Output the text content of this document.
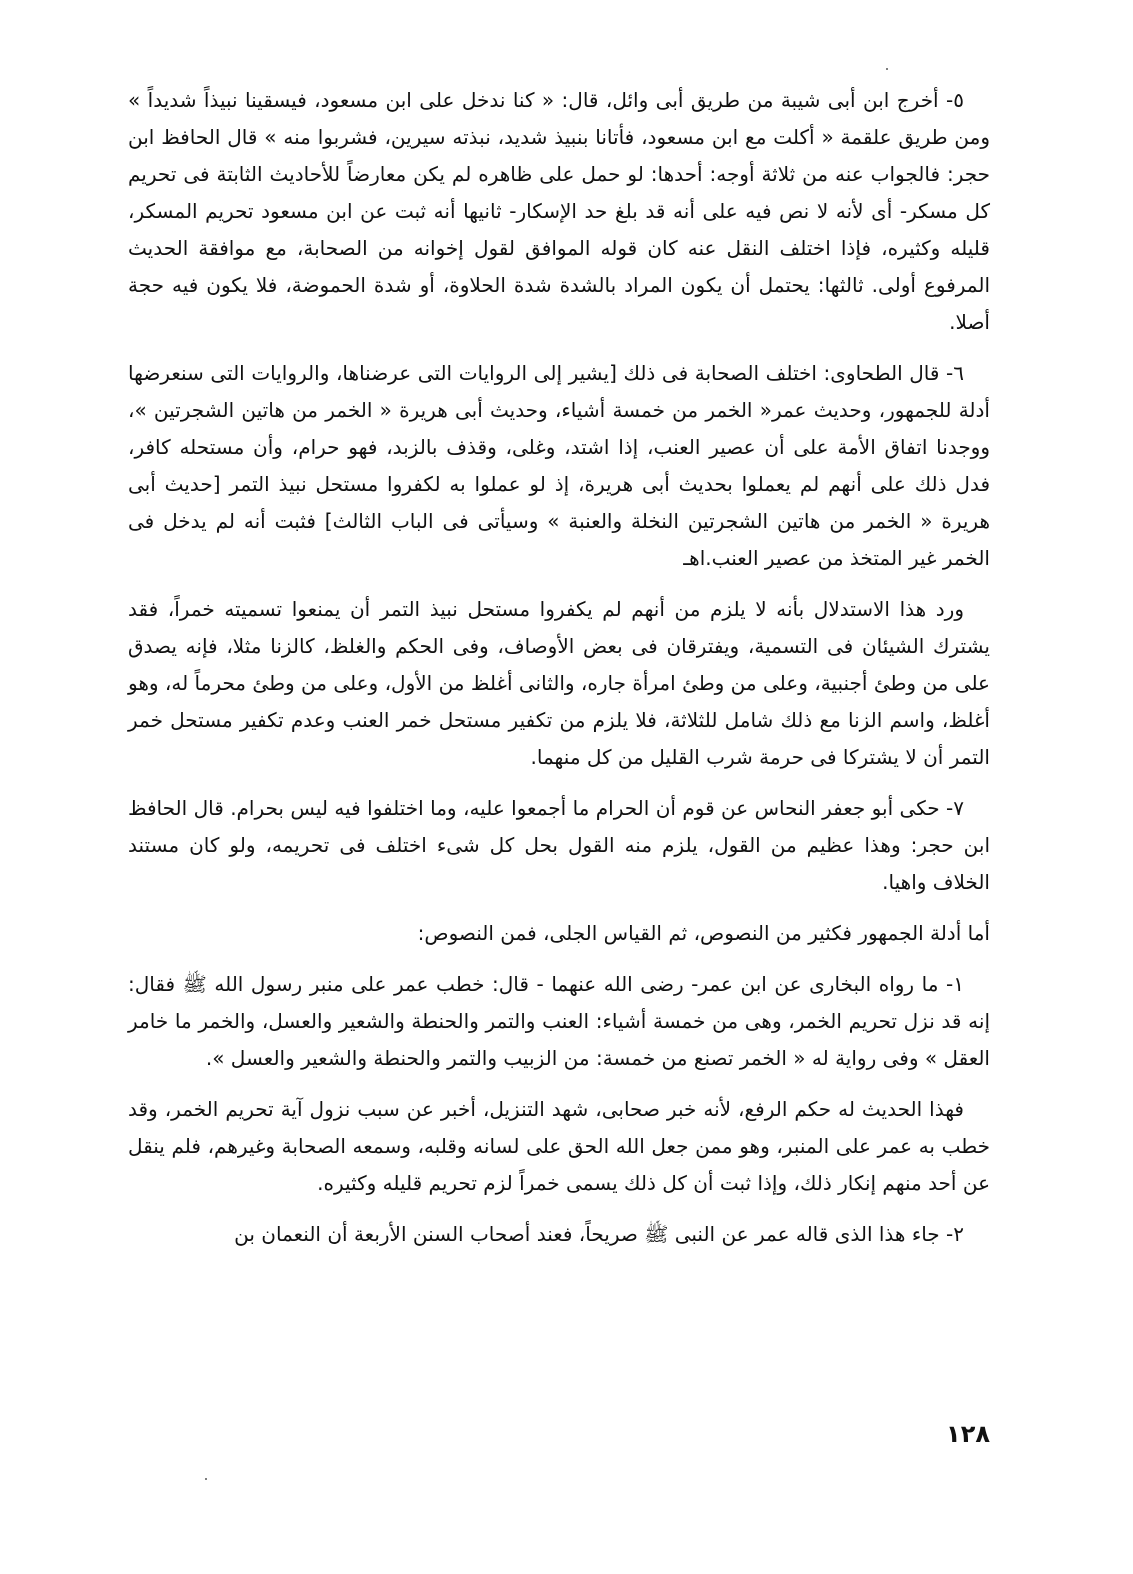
٥- أخرج ابن أبى شيبة من طريق أبى وائل، قال: « كنا ندخل على ابن مسعود، فيسقينا نبيذاً شديداً » ومن طريق علقمة « أكلت مع ابن مسعود، فأتانا بنبيذ شديد، نبذته سيرين، فشربوا منه » قال الحافظ ابن حجر: فالجواب عنه من ثلاثة أوجه: أحدها: لو حمل على ظاهره لم يكن معارضاً للأحاديث الثابتة فى تحريم كل مسكر- أى لأنه لا نص فيه على أنه قد بلغ حد الإسكار- ثانيها أنه ثبت عن ابن مسعود تحريم المسكر، قليله وكثيره، فإذا اختلف النقل عنه كان قوله الموافق لقول إخوانه من الصحابة، مع موافقة الحديث المرفوع أولى. ثالثها: يحتمل أن يكون المراد بالشدة شدة الحلاوة، أو شدة الحموضة، فلا يكون فيه حجة أصلا.

٦- قال الطحاوى: اختلف الصحابة فى ذلك [يشير إلى الروايات التى عرضناها، والروايات التى سنعرضها أدلة للجمهور، وحديث عمر« الخمر من خمسة أشياء، وحديث أبى هريرة « الخمر من هاتين الشجرتين »، ووجدنا اتفاق الأمة على أن عصير العنب، إذا اشتد، وغلى، وقذف بالزبد، فهو حرام، وأن مستحله كافر، فدل ذلك على أنهم لم يعملوا بحديث أبى هريرة، إذ لو عملوا به لكفروا مستحل نبيذ التمر [حديث أبى هريرة « الخمر من هاتين الشجرتين النخلة والعنبة » وسيأتى فى الباب الثالث] فثبت أنه لم يدخل فى الخمر غير المتخذ من عصير العنب.اهـ

ورد هذا الاستدلال بأنه لا يلزم من أنهم لم يكفروا مستحل نبيذ التمر أن يمنعوا تسميته خمراً، فقد يشترك الشيئان فى التسمية، ويفترقان فى بعض الأوصاف، وفى الحكم والغلظ، كالزنا مثلا، فإنه يصدق على من وطئ أجنبية، وعلى من وطئ امرأة جاره، والثانى أغلظ من الأول، وعلى من وطئ محرماً له، وهو أغلظ، واسم الزنا مع ذلك شامل للثلاثة، فلا يلزم من تكفير مستحل خمر العنب وعدم تكفير مستحل خمر التمر أن لا يشتركا فى حرمة شرب القليل من كل منهما.

٧- حكى أبو جعفر النحاس عن قوم أن الحرام ما أجمعوا عليه، وما اختلفوا فيه ليس بحرام. قال الحافظ ابن حجر: وهذا عظيم من القول، يلزم منه القول بحل كل شىء اختلف فى تحريمه، ولو كان مستند الخلاف واهيا.

أما أدلة الجمهور فكثير من النصوص، ثم القياس الجلى، فمن النصوص:

١- ما رواه البخارى عن ابن عمر- رضى الله عنهما - قال: خطب عمر على منبر رسول الله ﷺ فقال: إنه قد نزل تحريم الخمر، وهى من خمسة أشياء: العنب والتمر والحنطة والشعير والعسل، والخمر ما خامر العقل » وفى رواية له « الخمر تصنع من خمسة: من الزبيب والتمر والحنطة والشعير والعسل ».

فهذا الحديث له حكم الرفع، لأنه خبر صحابى، شهد التنزيل، أخبر عن سبب نزول آية تحريم الخمر، وقد خطب به عمر على المنبر، وهو ممن جعل الله الحق على لسانه وقلبه، وسمعه الصحابة وغيرهم، فلم ينقل عن أحد منهم إنكار ذلك، وإذا ثبت أن كل ذلك يسمى خمراً لزم تحريم قليله وكثيره.

٢- جاء هذا الذى قاله عمر عن النبى ﷺ صريحاً، فعند أصحاب السنن الأربعة أن النعمان بن

١٢٨
